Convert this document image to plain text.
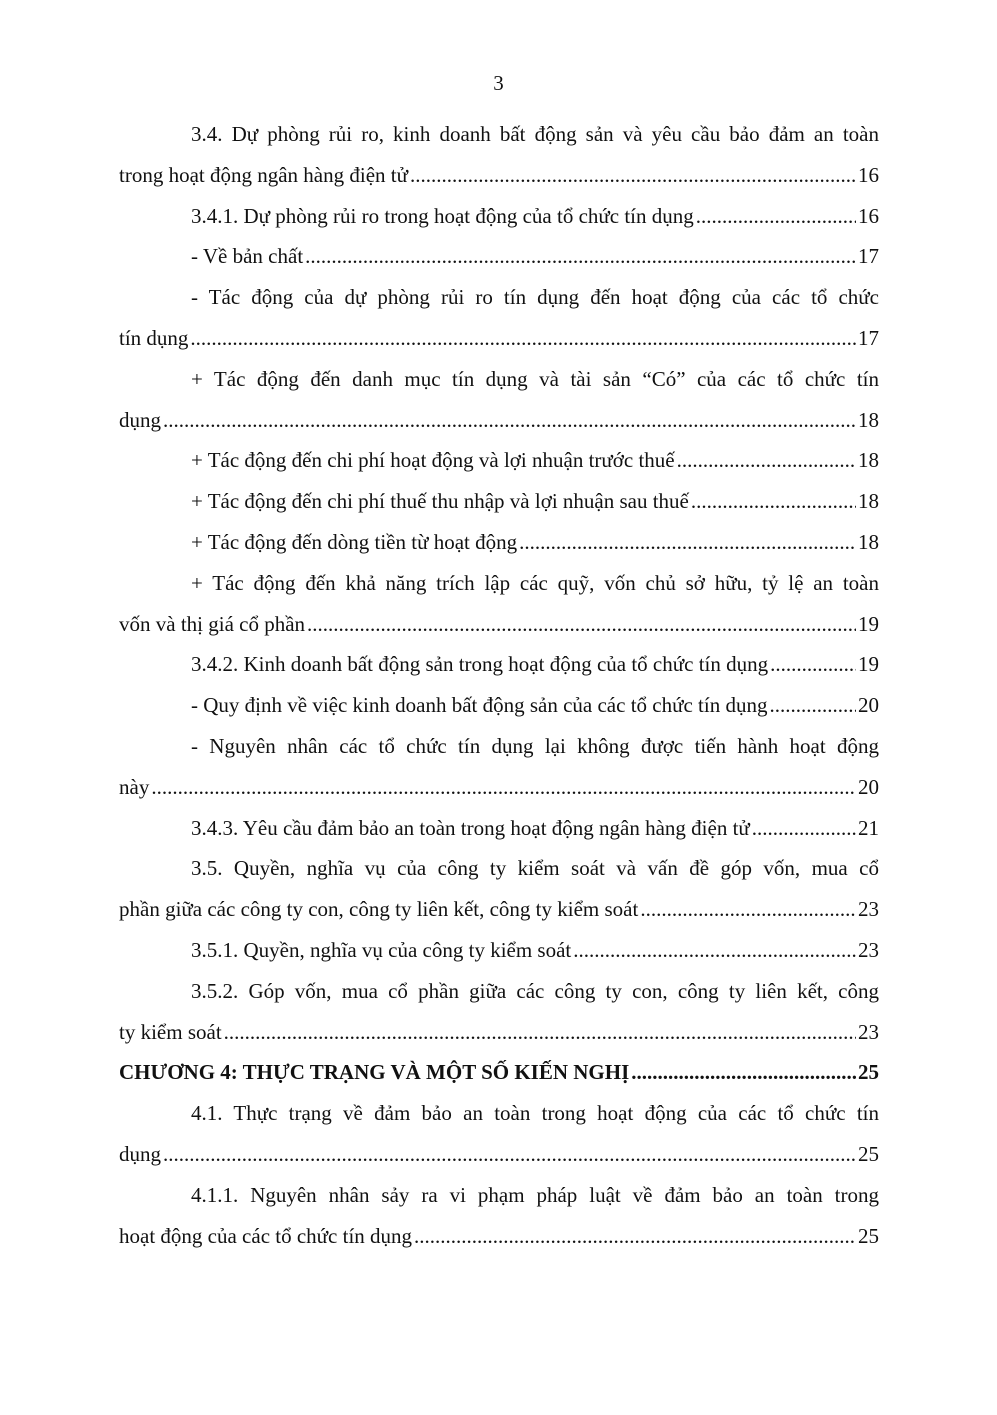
3
3.4. Dự phòng rủi ro, kinh doanh bất động sản và yêu cầu bảo đảm an toàn
trong hoạt động ngân hàng điện tử .....	16
3.4.1. Dự phòng rủi ro trong hoạt động của tổ chức tín dụng .....	16
- Về bản chất .....	17
- Tác động của dự phòng rủi ro tín dụng đến hoạt động của các tổ chức
tín dụng .....	17
+ Tác động đến danh mục tín dụng và tài sản “Có” của các tổ chức tín
dụng .....	18
+ Tác động đến chi phí hoạt động và lợi nhuận trước thuế .....	18
+ Tác động đến chi phí thuế thu nhập và lợi nhuận sau thuế .....	18
+ Tác động đến dòng tiền từ hoạt động .....	18
+ Tác động đến khả năng trích lập các quỹ, vốn chủ sở hữu, tỷ lệ an toàn
vốn và thị giá cổ phần .....	19
3.4.2. Kinh doanh bất động sản trong hoạt động của tổ chức tín dụng .....	19
- Quy định về việc kinh doanh bất động sản của các tổ chức tín dụng .....	20
- Nguyên nhân các tổ chức tín dụng lại không được tiến hành hoạt động
này .....	20
3.4.3. Yêu cầu đảm bảo an toàn trong hoạt động ngân hàng điện tử .....	21
3.5. Quyền, nghĩa vụ của công ty kiểm soát và vấn đề góp vốn, mua cổ
phần giữa các công ty con, công ty liên kết, công ty kiểm soát .....	23
3.5.1. Quyền, nghĩa vụ của công ty kiểm soát .....	23
3.5.2. Góp vốn, mua cổ phần giữa các công ty con, công ty liên kết, công
ty kiểm soát .....	23
CHƯƠNG 4: THỰC TRẠNG VÀ MỘT SỐ KIẾN NGHỊ .....	25
4.1. Thực trạng về đảm bảo an toàn trong hoạt động của các tổ chức tín
dụng .....	25
4.1.1. Nguyên nhân sảy ra vi phạm pháp luật về đảm bảo an toàn trong
hoạt động của các tổ chức tín dụng .....	25
